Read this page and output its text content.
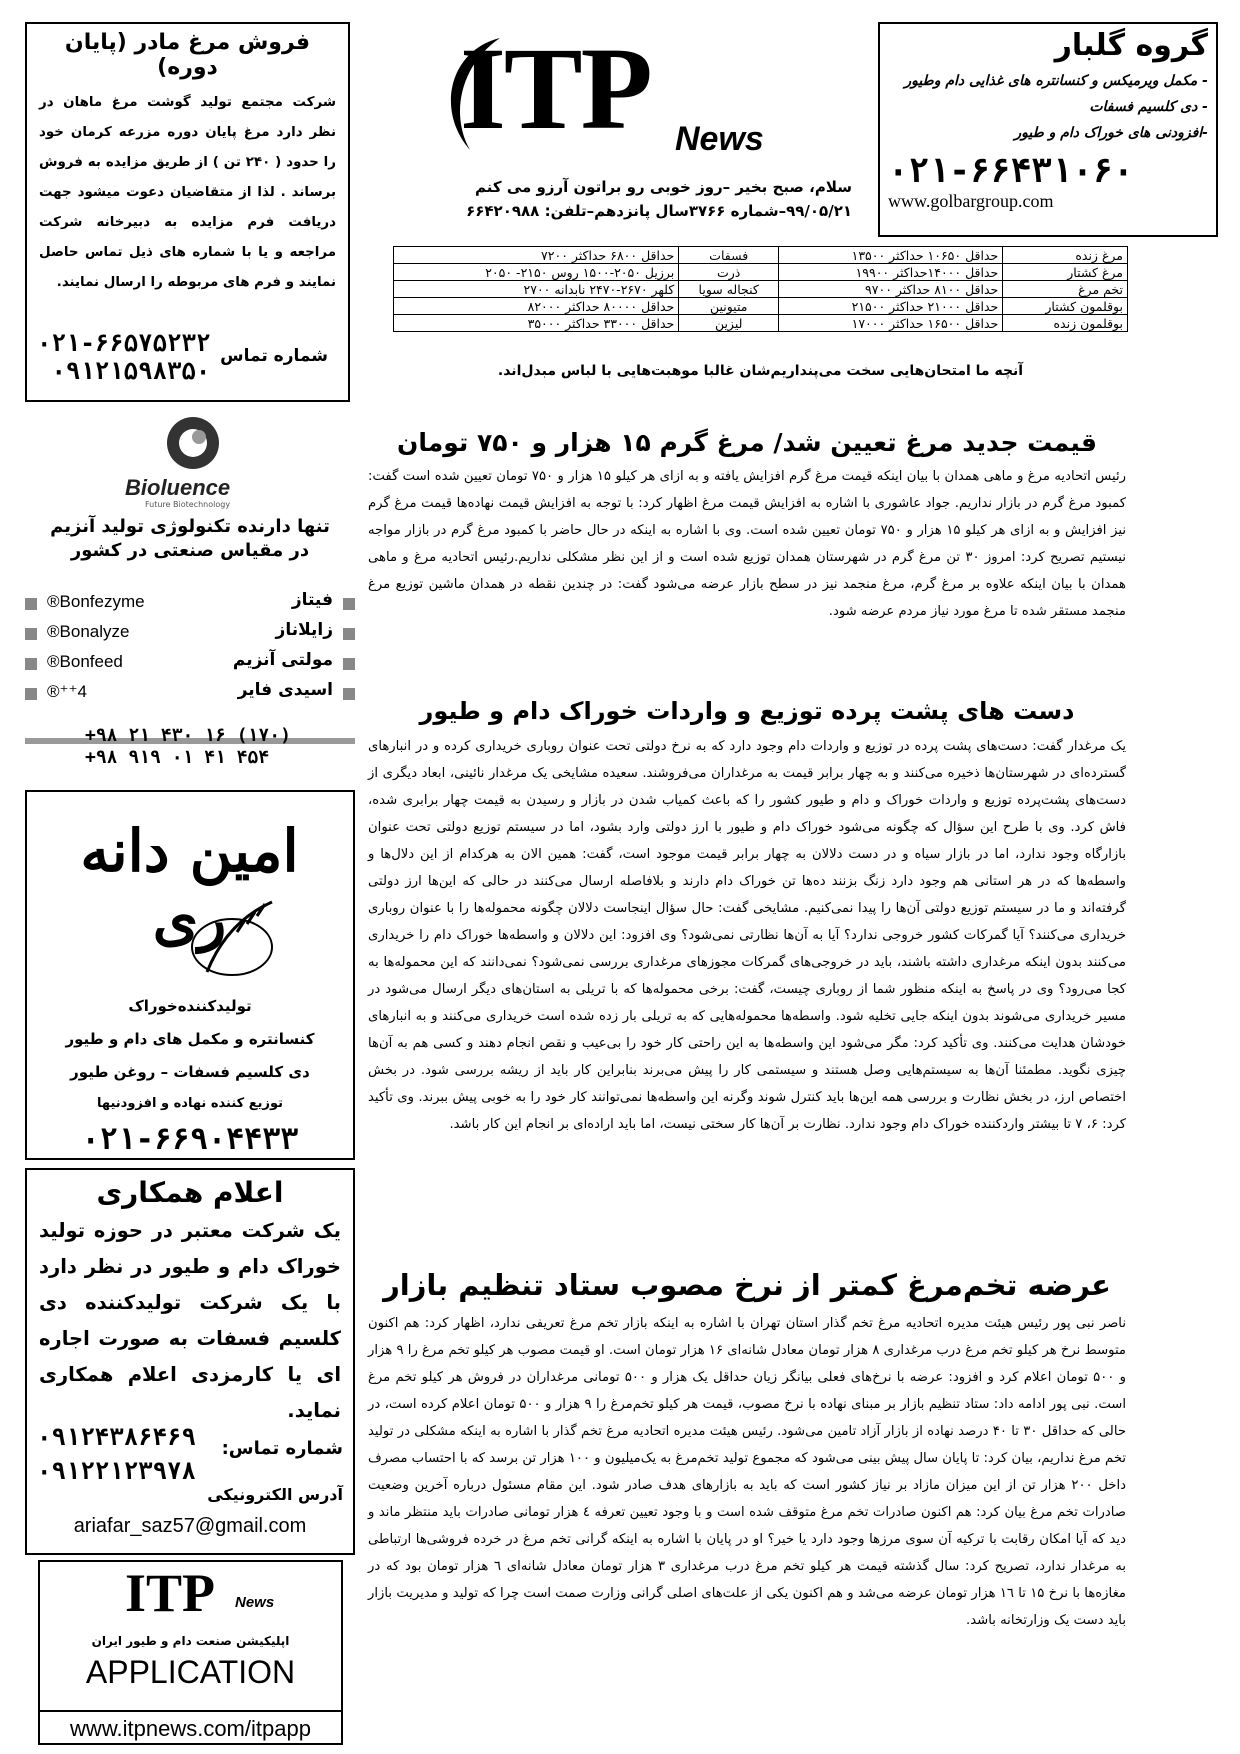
فروش مرغ مادر (پایان دوره)

شرکت مجتمع تولید گوشت مرغ ماهان در نظر دارد مرغ پایان دوره مزرعه کرمان خود را حدود ( ۲۴۰ تن ) از طریق مزایده به فروش برساند . لذا از متقاضیان دعوت میشود جهت دریافت فرم مزایده به دبیرخانه شرکت مراجعه و یا با شماره های ذیل تماس حاصل نمایند و فرم های مربوطه را ارسال نمایند.

۰۲۱-۶۶۵۷۵۲۳۲
۰۹۱۲۱۵۹۸۳۵۰
شماره تماس
ITP News
سلام، صبح بخیر –روز خوبی رو براتون آرزو می کنم
۹۹/۰۵/۲۱–شماره ۳۷۶۶سال پانزدهم–تلفن: ۶۶۴۲۰۹۸۸
گروه گلبار
- مکمل ویرمیکس و کنسانتره های غذایی دام وطیور
- دی کلسیم فسفات
-افزودنی های خوراک دام و طیور
۰۲۱-۶۶۴۳۱۰۶۰
www.golbargroup.com
مرغ زنده	حداقل ۱۰۶۵۰ حداکثر ۱۳۵۰۰	فسفات	حداقل ۶۸۰۰ حداکثر ۷۲۰۰
مرغ کشتار	حداقل ۱۴۰۰۰حداکثر ۱۹۹۰۰	ذرت	برزیل ۲۰۵۰-۱۵۰۰ روس ۲۱۵۰- ۲۰۵۰
تخم مرغ	حداقل ۸۱۰۰ حداکثر ۹۷۰۰	کنجاله سویا	کلهر ۲۶۷۰-۲۴۷۰ نابدانه ۲۷۰۰
بوقلمون کشتار	حداقل ۲۱۰۰۰ حداکثر ۲۱۵۰۰	متیونین	حداقل ۸۰۰۰۰ حداکثر ۸۲۰۰۰
بوقلمون زنده	حداقل ۱۶۵۰۰ حداکثر ۱۷۰۰۰	لیزین	حداقل ۳۳۰۰۰ حداکثر ۳۵۰۰۰
آنچه ما امتحان‌هایی سخت می‌پنداریم‌شان غالبا موهبت‌هایی با لباس مبدل‌اند.
Bioluence
Future Biotechnology
تنها دارنده تکنولوژی تولید آنزیم
در مقیاس صنعتی در کشور
Bonfezyme®	فیتاز
Bonalyze®	زایلاناز
Bonfeed®	مولتی آنزیم
4⁺⁺®	اسیدی فایر
+۹۸ ۲۱ ۴۳۰ ۱۶ (۱۷۰)
+۹۸ ۹۱۹ ۰۱ ۴۱ ۴۵۴
امین دانه ری
تولیدکننده‌خوراک
کنسانتره و مکمل های دام و طیور
دی کلسیم فسفات – روغن طیور
توزیع کننده نهاده و افزودنیها
۰۲۱-۶۶۹۰۴۴۳۳
اعلام همکاری

یک شرکت معتبر در حوزه تولید خوراک دام و طیور در نظر دارد با یک شرکت تولیدکننده دی کلسیم فسفات به صورت اجاره ای یا کارمزدی اعلام همکاری نماید.

۰۹۱۲۴۳۸۶۴۶۹
۰۹۱۲۲۱۲۳۹۷۸
شماره تماس:
آدرس الکترونیکی
ariafar_saz57@gmail.com
ITP News
اپلیکیشن صنعت دام و طیور ایران
APPLICATION
www.itpnews.com/itpapp
قیمت جدید مرغ تعیین شد/ مرغ گرم ۱۵ هزار و ۷۵۰ تومان

رئیس اتحادیه مرغ و ماهی همدان با بیان اینکه قیمت مرغ گرم افزایش یافته و به ازای هر کیلو ۱۵ هزار و ۷۵۰ تومان تعیین شده است گفت: کمبود مرغ گرم در بازار نداریم. جواد عاشوری با اشاره به افزایش قیمت مرغ اظهار کرد: با توجه به افزایش قیمت نهاده‌ها قیمت مرغ گرم نیز افزایش و به ازای هر کیلو ۱۵ هزار و ۷۵۰ تومان تعیین شده است. وی با اشاره به اینکه در حال حاضر با کمبود مرغ گرم در بازار مواجه نیستیم تصریح کرد: امروز ۳۰ تن مرغ گرم در شهرستان همدان توزیع شده است و از این نظر مشکلی نداریم.رئیس اتحادیه مرغ و ماهی همدان با بیان اینکه علاوه بر مرغ گرم، مرغ منجمد نیز در سطح بازار عرضه می‌شود گفت: در چندین نقطه در همدان ماشین توزیع مرغ منجمد مستقر شده تا مرغ مورد نیاز مردم عرضه شود.

دست های پشت پرده توزیع و واردات خوراک دام و طیور

یک مرغدار گفت: دست‌های پشت پرده در توزیع و واردات دام وجود دارد که به نرخ دولتی تحت عنوان روباری خریداری کرده و در انبارهای گسترده‌ای در شهرستان‌ها ذخیره می‌کنند و به چهار برابر قیمت به مرغداران می‌فروشند. سعیده مشایخی یک مرغدار نائینی، ابعاد دیگری از دست‌های پشت‌پرده توزیع و واردات خوراک و دام و طیور کشور را که باعث کمیاب شدن در بازار و رسیدن به قیمت چهار برابری شده، فاش کرد. وی با طرح این سؤال که چگونه می‌شود خوراک دام و طیور با ارز دولتی وارد بشود، اما در سیستم توزیع دولتی تحت عنوان بازارگاه وجود ندارد، اما در بازار سیاه و در دست دلالان به چهار برابر قیمت موجود است، گفت: همین الان به هرکدام از این دلال‌ها و واسطه‌ها که در هر استانی هم وجود دارد زنگ بزنند ده‌ها تن خوراک دام دارند و بلافاصله ارسال می‌کنند در حالی که این‌ها ارز دولتی گرفته‌اند و ما در سیستم توزیع دولتی آن‌ها را پیدا نمی‌کنیم. مشایخی گفت: حال سؤال اینجاست دلالان چگونه محموله‌ها را با عنوان روباری خریداری می‌کنند؟ آیا گمرکات کشور خروجی ندارد؟ آیا به آن‌ها نظارتی نمی‌شود؟ وی افزود: این دلالان و واسطه‌ها خوراک دام را خریداری می‌کنند بدون اینکه مرغداری داشته باشند، باید در خروجی‌های گمرکات مجوزهای مرغداری بررسی نمی‌شود؟ نمی‌دانند که این محموله‌ها به کجا می‌رود؟ وی در پاسخ به اینکه منظور شما از روباری چیست، گفت: برخی محموله‌ها که با تریلی به استان‌های دیگر ارسال می‌شود در مسیر خریداری می‌شوند بدون اینکه جایی تخلیه شود. واسطه‌ها محموله‌هایی که به تریلی بار زده شده است خریداری می‌کنند و به انبارهای خودشان هدایت می‌کنند. وی تأکید کرد: مگر می‌شود این واسطه‌ها به این راحتی کار خود را بی‌عیب و نقص انجام دهند و کسی هم به آن‌ها چیزی نگوید. مطمئنا آن‌ها به سیستم‌هایی وصل هستند و سیستمی کار را پیش می‌برند بنابراین کار باید از ریشه بررسی شود. در بخش اختصاص ارز، در بخش نظارت و بررسی همه این‌ها باید کنترل شوند وگرنه این واسطه‌ها نمی‌توانند کار خود را به خوبی پیش ببرند. وی تأکید کرد: ۶، ۷ تا بیشتر واردکننده خوراک دام وجود ندارد. نظارت بر آن‌ها کار سختی نیست، اما باید اراده‌ای بر انجام این کار باشد.

عرضه تخم‌مرغ کمتر از نرخ مصوب ستاد تنظیم بازار

ناصر نبی پور رئیس هیئت مدیره اتحادیه مرغ تخم گذار استان تهران با اشاره به اینکه بازار تخم مرغ تعریفی ندارد، اظهار کرد: هم اکنون متوسط نرخ هر کیلو تخم مرغ درب مرغداری ۸ هزار تومان معادل شانه‌ای ۱۶ هزار تومان است. او قیمت مصوب هر کیلو تخم مرغ را ۹ هزار و ۵۰۰ تومان اعلام کرد و افزود: عرضه با نرخ‌های فعلی بیانگر زیان حداقل یک هزار و ۵۰۰ تومانی مرغداران در فروش هر کیلو تخم مرغ است. نبی پور ادامه داد: ستاد تنظیم بازار بر مبنای نهاده با نرخ مصوب، قیمت هر کیلو تخم‌مرغ را ۹ هزار و ۵۰۰ تومان اعلام کرده است، در حالی که حداقل ۳۰ تا ۴۰ درصد نهاده از بازار آزاد تامین می‌شود. رئیس هیئت مدیره اتحادیه مرغ تخم گذار با اشاره به اینکه مشکلی در تولید تخم مرغ نداریم، بیان کرد: تا پایان سال پیش بینی می‌شود که مجموع تولید تخم‌مرغ به یک‌میلیون و ۱۰۰ هزار تن برسد که با احتساب مصرف داخل ۲۰۰ هزار تن از این میزان مازاد بر نیاز کشور است که باید به بازارهای هدف صادر شود. این مقام مسئول درباره آخرین وضعیت صادرات تخم مرغ بیان کرد: هم اکنون صادرات تخم مرغ متوقف شده است و با وجود تعیین تعرفه ٤ هزار تومانی صادرات باید منتظر ماند و دید که آیا امکان رقابت با ترکیه آن سوی مرزها وجود دارد یا خیر؟ او در پایان با اشاره به اینکه گرانی تخم مرغ در خرده فروشی‌ها ارتباطی به مرغدار ندارد، تصریح کرد: سال گذشته قیمت هر کیلو تخم مرغ درب مرغداری ۳ هزار تومان معادل شانه‌ای ٦ هزار تومان بود که در مغازه‌ها با نرخ ۱۵ تا ۱٦ هزار تومان عرضه می‌شد و هم اکنون یکی از علت‌های اصلی گرانی وزارت صمت است چرا که تولید و مدیریت بازار باید دست یک وزارتخانه باشد.
